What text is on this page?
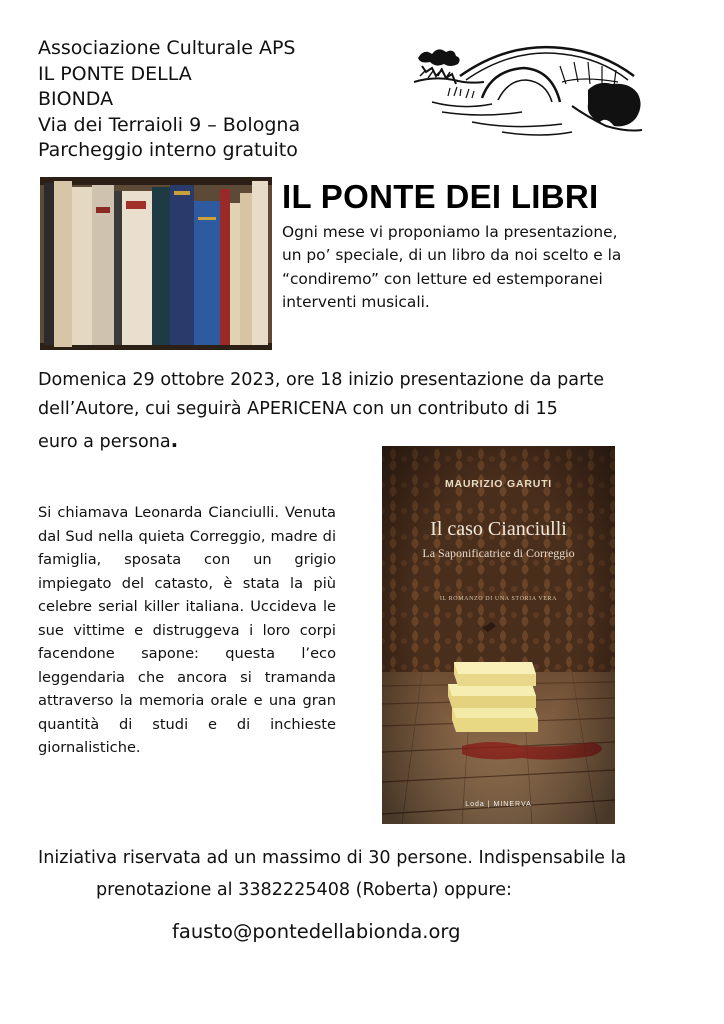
Associazione Culturale APS
IL PONTE DELLA
BIONDA
Via dei Terraioli 9 – Bologna
Parcheggio interno gratuito
IL PONTE DEI LIBRI
Ogni mese vi proponiamo la presentazione,
un po’ speciale, di un libro da noi scelto e la
“condiremo” con letture ed estemporanei
interventi musicali.
Domenica 29 ottobre 2023, ore 18 inizio presentazione da parte
dell’Autore, cui seguirà APERICENA con un contributo di 15
euro a persona.
Si chiamava Leonarda Cianciulli. Venuta dal Sud nella quieta Correggio, madre di famiglia, sposata con un grigio impiegato del catasto, è stata la più celebre serial killer italiana. Uccideva le sue vittime e distruggeva i loro corpi facendone sapone: questa l’eco leggendaria che ancora si tramanda attraverso la memoria orale e una gran quantità di studi e di inchieste giornalistiche.
MAURIZIO GARUTI
Il caso Cianciulli
La Saponificatrice di Correggio
IL ROMANZO DI UNA STORIA VERA
Loda | MINERVA
Iniziativa riservata ad un massimo di 30 persone. Indispensabile la
prenotazione al 3382225408 (Roberta) oppure:
fausto@pontedellabionda.org
